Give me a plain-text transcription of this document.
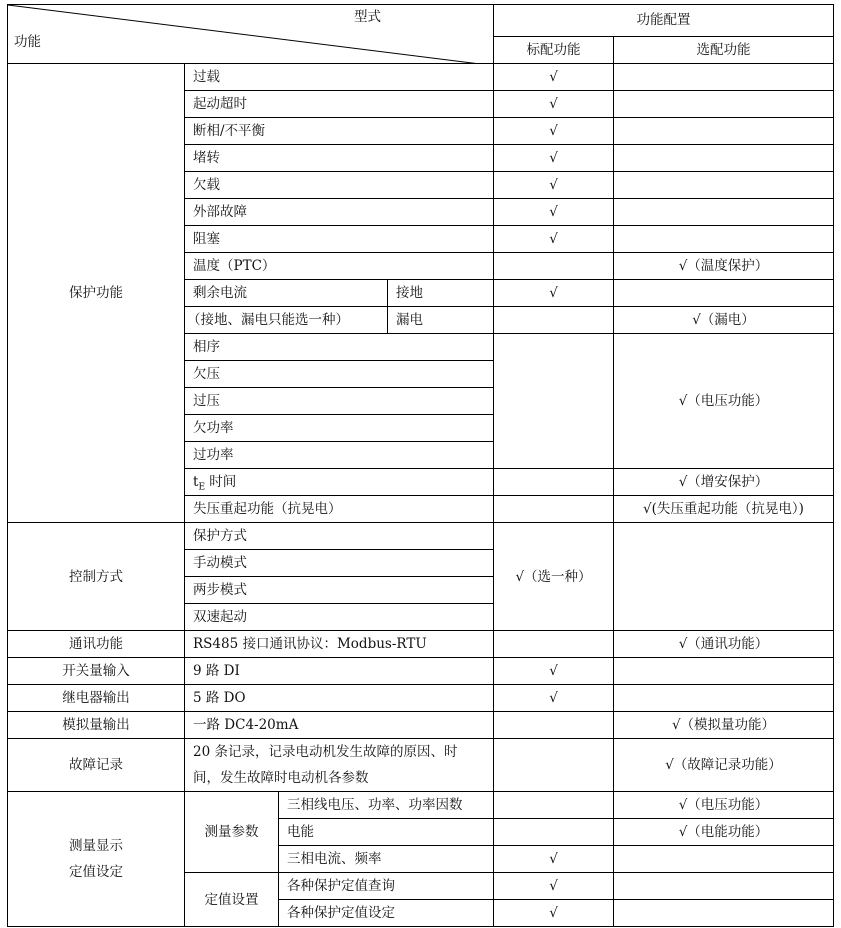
型式
功能				功能配置	
				标配功能	选配功能
保护功能	过载			√	
	起动超时			√	
	断相/不平衡			√	
	堵转			√	
	欠载			√	
	外部故障			√	
	阻塞			√	
	温度（PTC）				√（温度保护）
	剩余电流		接地	√	
	（接地、漏电只能选一种）		漏电		√（漏电）
	相序				√（电压功能）
	欠压				
	过压				
	欠功率				
	过功率				
	$t_E$ 时间				√（增安保护）
	失压重起功能（抗晃电）				√(失压重起功能（抗晃电）)
控制方式	保护方式			√（选一种）	
	手动模式				
	两步模式				
	双速起动				
通讯功能	RS485 接口通讯协议：Modbus-RTU				√（通讯功能）
开关量输入	9 路 DI			√	
继电器输出	5 路 DO			√	
模拟量输出	一路 DC4-20mA				√（模拟量功能）
故障记录	20 条记录，记录电动机发生故障的原因、时
间，发生故障时电动机各参数				√（故障记录功能）

测量显示
定值设定	测量参数	三相线电压、功率、功率因数			√（电压功能）
		电能			√（电能功能）
		三相电流、频率		√	
	定值设置	各种保护定值查询		√	
		各种保护定值设定		√	
